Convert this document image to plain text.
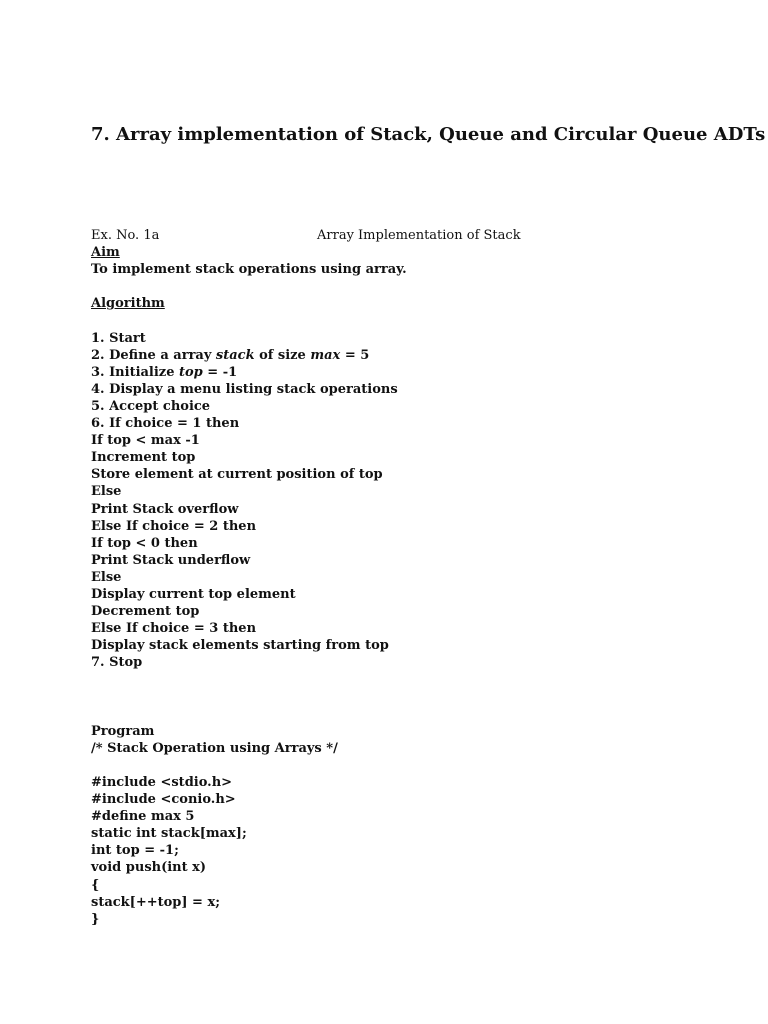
7. Array implementation of Stack, Queue and Circular Queue ADTs
Ex. No. 1a	Array Implementation of Stack
Aim
To implement stack operations using array.
Algorithm
1. Start
2. Define a array stack of size max = 5
3. Initialize top = -1
4. Display a menu listing stack operations
5. Accept choice
6. If choice = 1 then
If top < max -1
Increment top
Store element at current position of top
Else
Print Stack overflow
Else If choice = 2 then
If top < 0 then
Print Stack underflow
Else
Display current top element
Decrement top
Else If choice = 3 then
Display stack elements starting from top
7. Stop
Program
/* Stack Operation using Arrays */
#include <stdio.h>
#include <conio.h>
#define max 5
static int stack[max];
int top = -1;
void push(int x)
{
stack[++top] = x;
}
